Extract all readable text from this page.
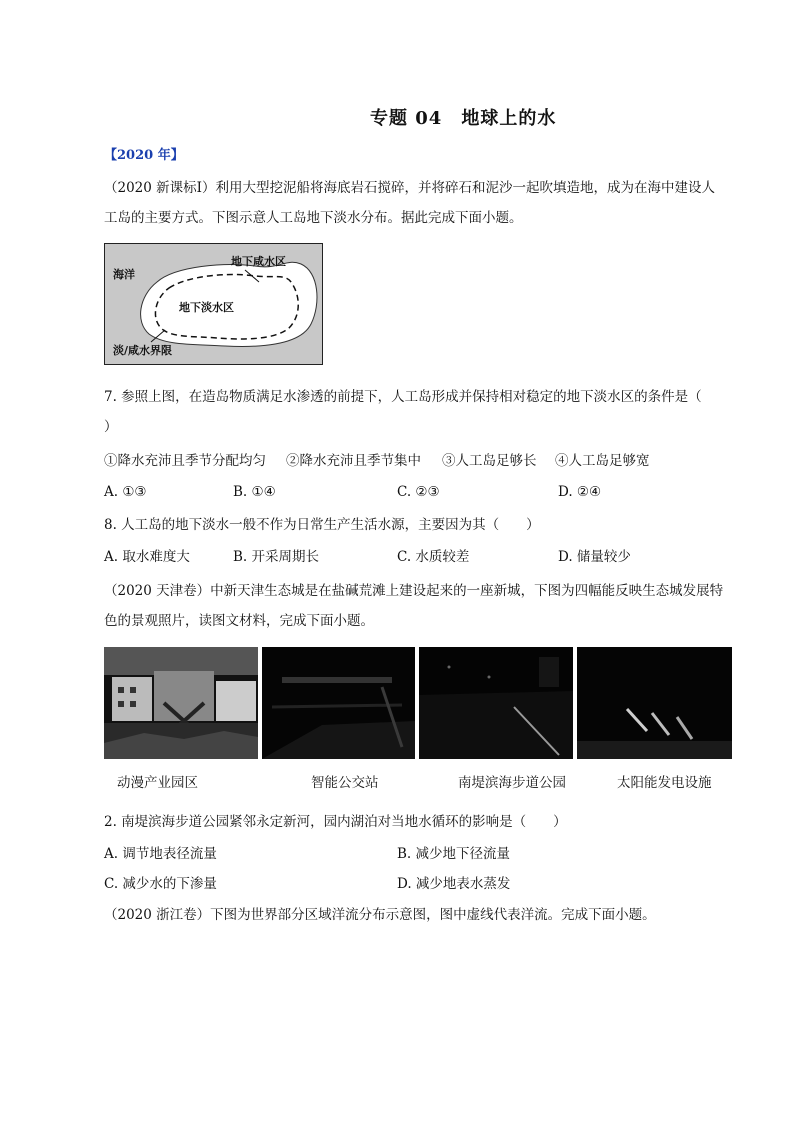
专题 04　地球上的水
【2020 年】
（2020 新课标Ⅰ）利用大型挖泥船将海底岩石搅碎，并将碎石和泥沙一起吹填造地，成为在海中建设人工岛的主要方式。下图示意人工岛地下淡水分布。据此完成下面小题。
海洋
地下咸水区
地下淡水区
淡/咸水界限
7. 参照上图，在造岛物质满足水渗透的前提下，人工岛形成并保持相对稳定的地下淡水区的条件是（
）
①降水充沛且季节分配均匀 ②降水充沛且季节集中 ③人工岛足够长 ④人工岛足够宽
A. ①③	B. ①④	C. ②③	D. ②④
8. 人工岛的地下淡水一般不作为日常生产生活水源，主要因为其（　　）
A. 取水难度大	B. 开采周期长	C. 水质较差	D. 储量较少
（2020 天津卷）中新天津生态城是在盐碱荒滩上建设起来的一座新城，下图为四幅能反映生态城发展特色的景观照片，读图文材料，完成下面小题。
动漫产业园区	智能公交站	南堤滨海步道公园	太阳能发电设施
2. 南堤滨海步道公园紧邻永定新河，园内湖泊对当地水循环的影响是（　　）
A. 调节地表径流量	B. 减少地下径流量
C. 减少水的下渗量	D. 减少地表水蒸发
（2020 浙江卷）下图为世界部分区域洋流分布示意图，图中虚线代表洋流。完成下面小题。
